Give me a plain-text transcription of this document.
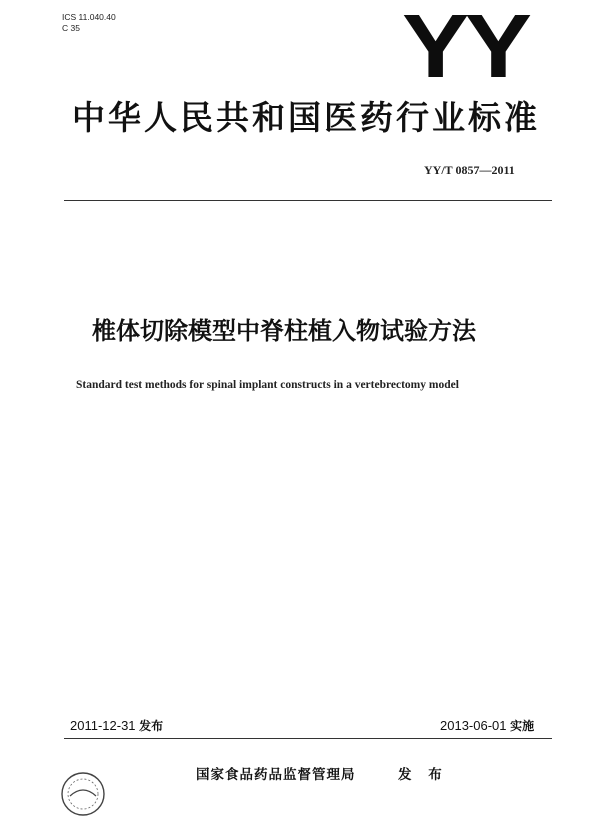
ICS 11.040.40
C 35	YY
中华人民共和国医药行业标准
YY/T 0857—2011
椎体切除模型中脊柱植入物试验方法
Standard test methods for spinal implant constructs in a vertebrectomy model
2011-12-31 发布	2013-06-01 实施
国家食品药品监督管理局	发 布
